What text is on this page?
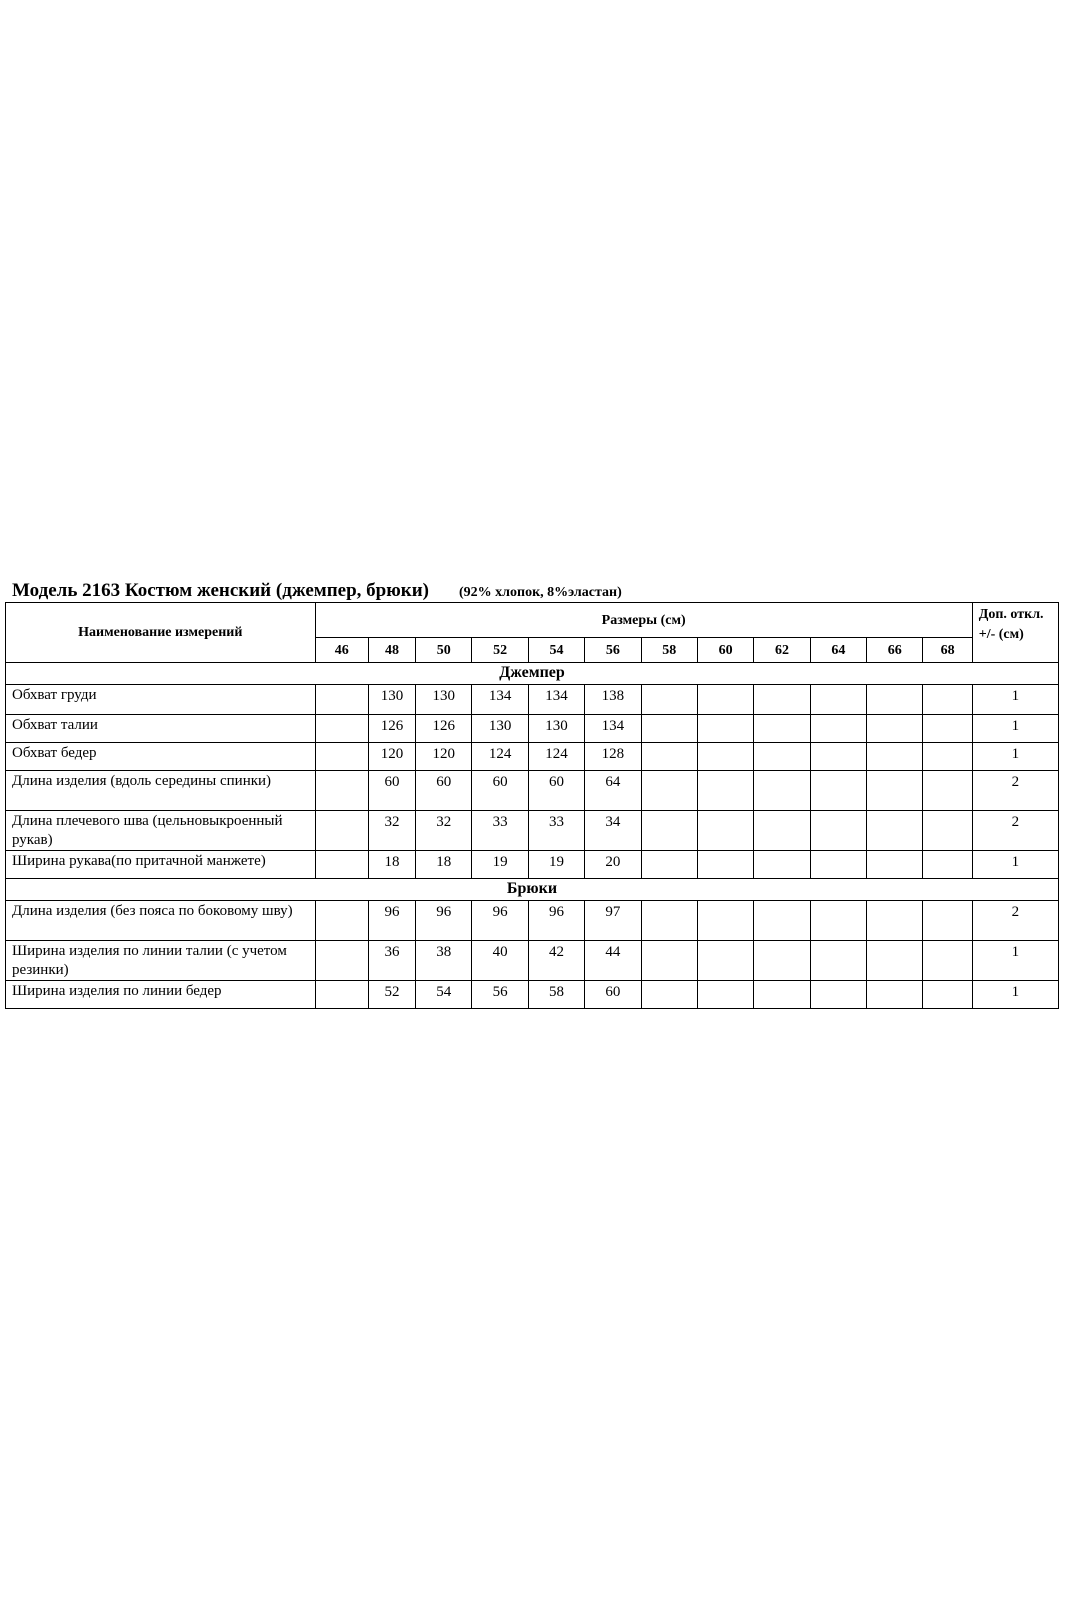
Модель 2163 Костюм женский (джемпер, брюки) (92% хлопок, 8%эластан)
Наименование измерений	Размеры (см)												Доп. откл. +/- (см)
	46	48	50	52	54	56	58	60	62	64	66	68	
Джемпер													
Обхват груди		130	130	134	134	138							1
Обхват талии		126	126	130	130	134							1
Обхват бедер		120	120	124	124	128							1
Длина изделия (вдоль середины спинки)		60	60	60	60	64							2
Длина плечевого шва (цельновыкроенный рукав)		32	32	33	33	34							2
Ширина рукава(по притачной манжете)		18	18	19	19	20							1
Брюки													
Длина изделия (без пояса по боковому шву)		96	96	96	96	97							2
Ширина изделия по линии талии (с учетом резинки)		36	38	40	42	44							1
Ширина изделия по линии бедер		52	54	56	58	60							1
